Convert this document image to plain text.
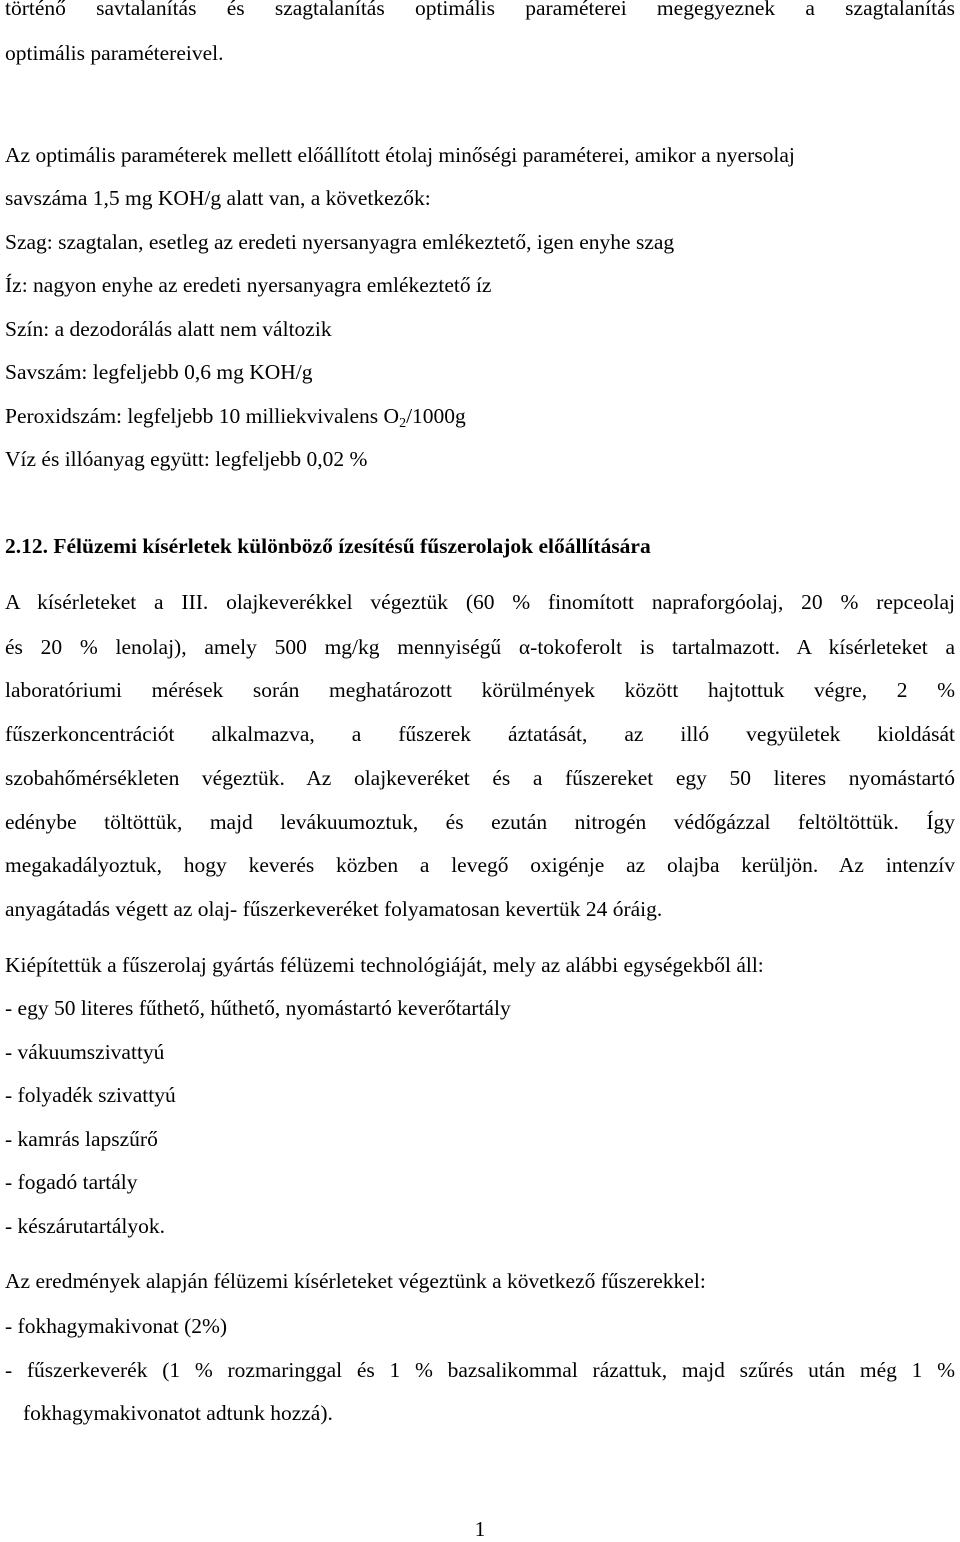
történő savtalanítás és szagtalanítás optimális paraméterei megegyeznek a szagtalanítás
optimális paramétereivel.
Az optimális paraméterek mellett előállított étolaj minőségi paraméterei, amikor a nyersolaj
savszáma 1,5 mg KOH/g alatt van, a következők:
Szag: szagtalan, esetleg az eredeti nyersanyagra emlékeztető, igen enyhe szag
Íz: nagyon enyhe az eredeti nyersanyagra emlékeztető íz
Szín: a dezodorálás alatt nem változik
Savszám: legfeljebb 0,6 mg KOH/g
Peroxidszám: legfeljebb 10 milliekvivalens $O_2/1000g$
Víz és illóanyag együtt: legfeljebb 0,02 %
2.12. Félüzemi kísérletek különböző ízesítésű fűszerolajok előállítására
A kísérleteket a III. olajkeverékkel végeztük (60 % finomított napraforgóolaj, 20 % repceolaj
és 20 % lenolaj), amely 500 mg/kg mennyiségű α-tokoferolt is tartalmazott. A kísérleteket a
laboratóriumi mérések során meghatározott körülmények között hajtottuk végre, 2 %
fűszerkoncentrációt alkalmazva, a fűszerek áztatását, az illó vegyületek kioldását
szobahőmérsékleten végeztük. Az olajkeveréket és a fűszereket egy 50 literes nyomástartó
edénybe töltöttük, majd levákuumoztuk, és ezután nitrogén védőgázzal feltöltöttük. Így
megakadályoztuk, hogy keverés közben a levegő oxigénje az olajba kerüljön. Az intenzív
anyagátadás végett az olaj- fűszerkeveréket folyamatosan kevertük 24 óráig.
Kiépítettük a fűszerolaj gyártás félüzemi technológiáját, mely az alábbi egységekből áll:
- egy 50 literes fűthető, hűthető, nyomástartó keverőtartály
- vákuumszivattyú
- folyadék szivattyú
- kamrás lapszűrő
- fogadó tartály
- készárutartályok.
Az eredmények alapján félüzemi kísérleteket végeztünk a következő fűszerekkel:
- fokhagymakivonat (2%)
- fűszerkeverék (1 % rozmaringgal és 1 % bazsalikommal rázattuk, majd szűrés után még 1 %
fokhagymakivonatot adtunk hozzá).
1
